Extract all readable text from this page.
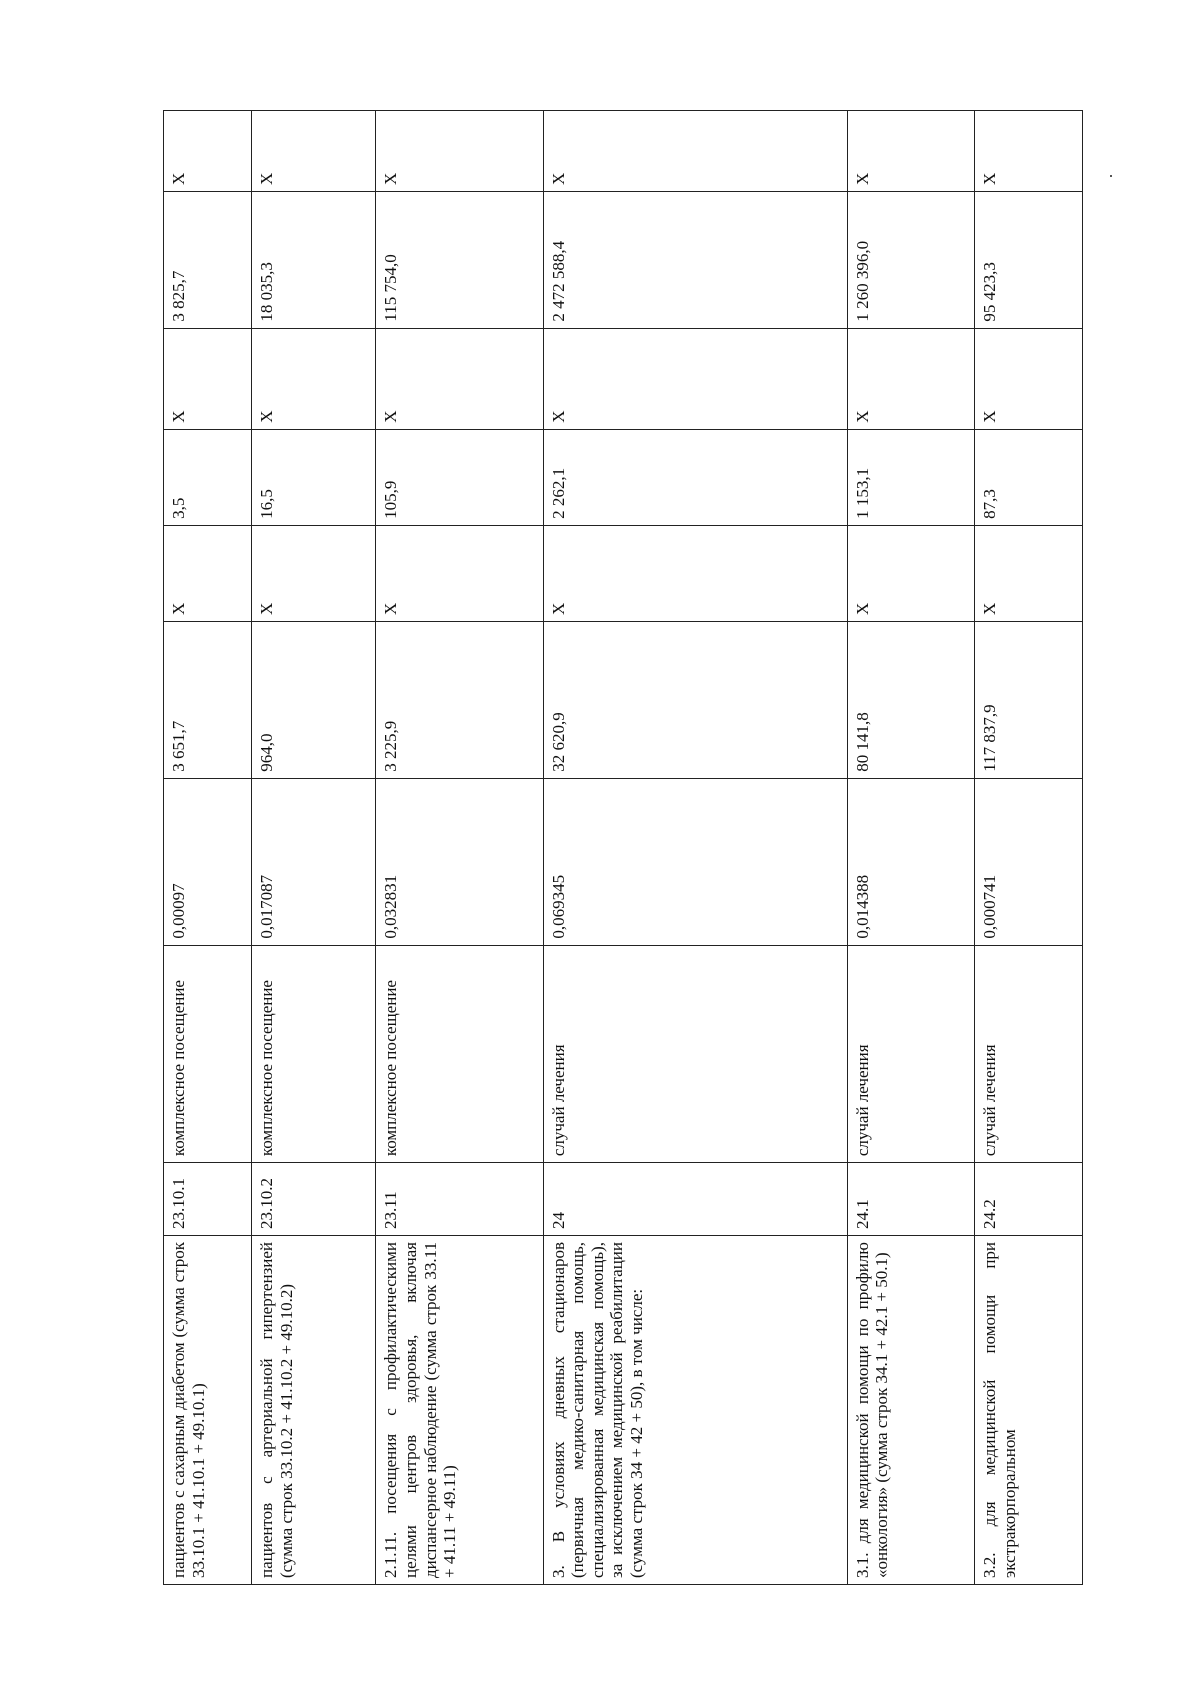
пациентов с сахарным диабетом (сумма строк 33.10.1 + 41.10.1 + 49.10.1)	23.10.1	комплексное посещение	0,00097	3 651,7	X	3,5	X	3 825,7	X
пациентов с артериальной гипертензией (сумма строк 33.10.2 + 41.10.2 + 49.10.2)	23.10.2	комплексное посещение	0,017087	964,0	X	16,5	X	18 035,3	X
2.1.11. посещения с профилактическими целями центров здоровья, включая диспансерное наблюдение (сумма строк 33.11 + 41.11 + 49.11)	23.11	комплексное посещение	0,032831	3 225,9	X	105,9	X	115 754,0	X
3. В условиях дневных стационаров (первичная медико-санитарная помощь, специализированная медицинская помощь), за исключением медицинской реабилитации (сумма строк 34 + 42 + 50), в том числе:	24	случай лечения	0,069345	32 620,9	X	2 262,1	X	2 472 588,4	X
3.1. для медицинской помощи по профилю «онкология» (сумма строк 34.1 + 42.1 + 50.1)	24.1	случай лечения	0,014388	80 141,8	X	1 153,1	X	1 260 396,0	X
3.2. для медицинской помощи при экстракорпоральном	24.2	случай лечения	0,000741	117 837,9	X	87,3	X	95 423,3	X
